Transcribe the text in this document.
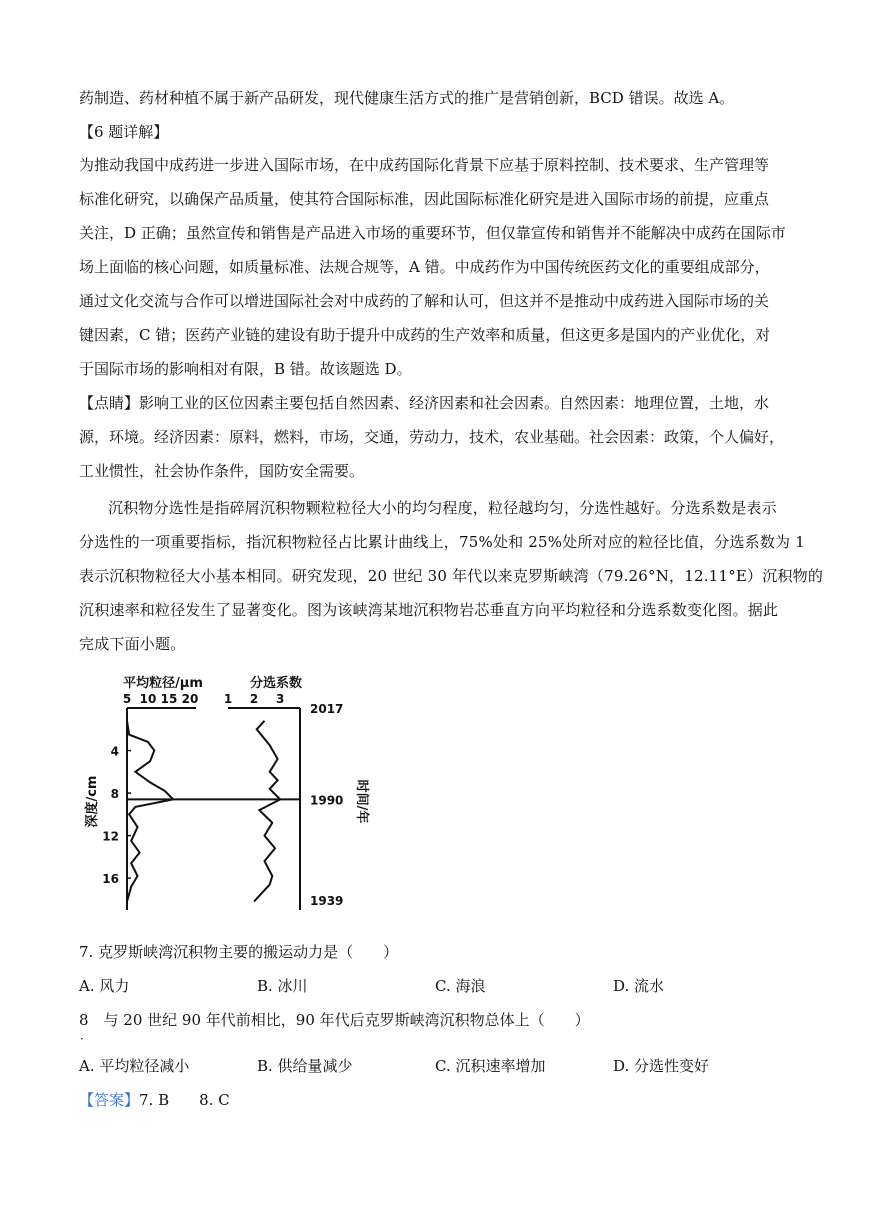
药制造、药材种植不属于新产品研发，现代健康生活方式的推广是营销创新，BCD 错误。故选 A。
【6 题详解】
为推动我国中成药进一步进入国际市场，在中成药国际化背景下应基于原料控制、技术要求、生产管理等
标准化研究，以确保产品质量，使其符合国际标准，因此国际标准化研究是进入国际市场的前提，应重点
关注，D 正确；虽然宣传和销售是产品进入市场的重要环节，但仅靠宣传和销售并不能解决中成药在国际市
场上面临的核心问题，如质量标准、法规合规等，A 错。中成药作为中国传统医药文化的重要组成部分，
通过文化交流与合作可以增进国际社会对中成药的了解和认可，但这并不是推动中成药进入国际市场的关
键因素，C 错；医药产业链的建设有助于提升中成药的生产效率和质量，但这更多是国内的产业优化，对
于国际市场的影响相对有限，B 错。故该题选 D。
【点睛】影响工业的区位因素主要包括自然因素、经济因素和社会因素。自然因素：地理位置，土地，水
源，环境。经济因素：原料，燃料，市场，交通，劳动力，技术，农业基础。社会因素：政策，个人偏好，
工业惯性，社会协作条件，国防安全需要。
沉积物分选性是指碎屑沉积物颗粒粒径大小的均匀程度，粒径越均匀，分选性越好。分选系数是表示
分选性的一项重要指标，指沉积物粒径占比累计曲线上，75%处和 25%处所对应的粒径比值，分选系数为 1
表示沉积物粒径大小基本相同。研究发现，20 世纪 30 年代以来克罗斯峡湾（79.26°N，12.11°E）沉积物的
沉积速率和粒径发生了显著变化。图为该峡湾某地沉积物岩芯垂直方向平均粒径和分选系数变化图。据此
完成下面小题。
平均粒径/μm	分选系数
5 10 15 20 1 2 3
4
8
12
16
深度/cm
2017
1990
1939
时间/年
7. 克罗斯峡湾沉积物主要的搬运动力是（　　）
A. 风力	B. 冰川	C. 海浪	D. 流水
8　与 20 世纪 90 年代前相比，90 年代后克罗斯峡湾沉积物总体上（　　）
·
A. 平均粒径减小	B. 供给量减少	C. 沉积速率增加	D. 分选性变好
【答案】7. B　　8. C
